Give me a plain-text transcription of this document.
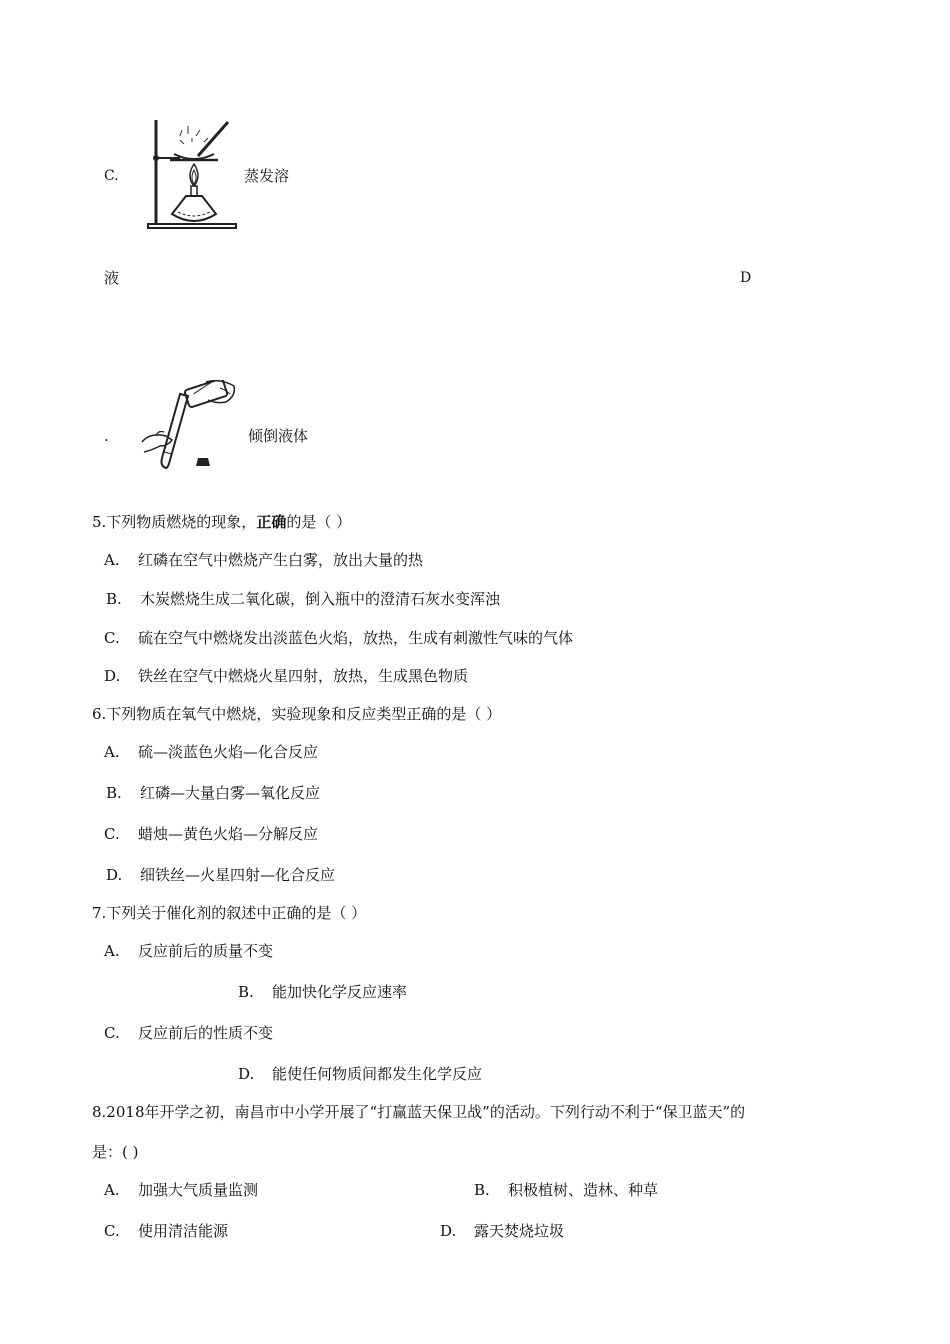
C.	蒸发溶
液	D
.	倾倒液体
5.下列物质燃烧的现象，正确的是（ ）
A. 红磷在空气中燃烧产生白雾，放出大量的热
B. 木炭燃烧生成二氧化碳，倒入瓶中的澄清石灰水变浑浊
C. 硫在空气中燃烧发出淡蓝色火焰，放热，生成有刺激性气味的气体
D. 铁丝在空气中燃烧火星四射，放热，生成黑色物质
6.下列物质在氧气中燃烧，实验现象和反应类型正确的是（ ）
A. 硫—淡蓝色火焰—化合反应
B. 红磷—大量白雾—氧化反应
C. 蜡烛—黄色火焰—分解反应
D. 细铁丝—火星四射—化合反应
7.下列关于催化剂的叙述中正确的是（ ）
A. 反应前后的质量不变
B. 能加快化学反应速率
C. 反应前后的性质不变
D. 能使任何物质间都发生化学反应
8.2018年开学之初，南昌市中小学开展了“打赢蓝天保卫战”的活动。下列行动不利于“保卫蓝天”的
是：( )
A. 加强大气质量监测	B. 积极植树、造林、种草
C. 使用清洁能源	D. 露天焚烧垃圾
